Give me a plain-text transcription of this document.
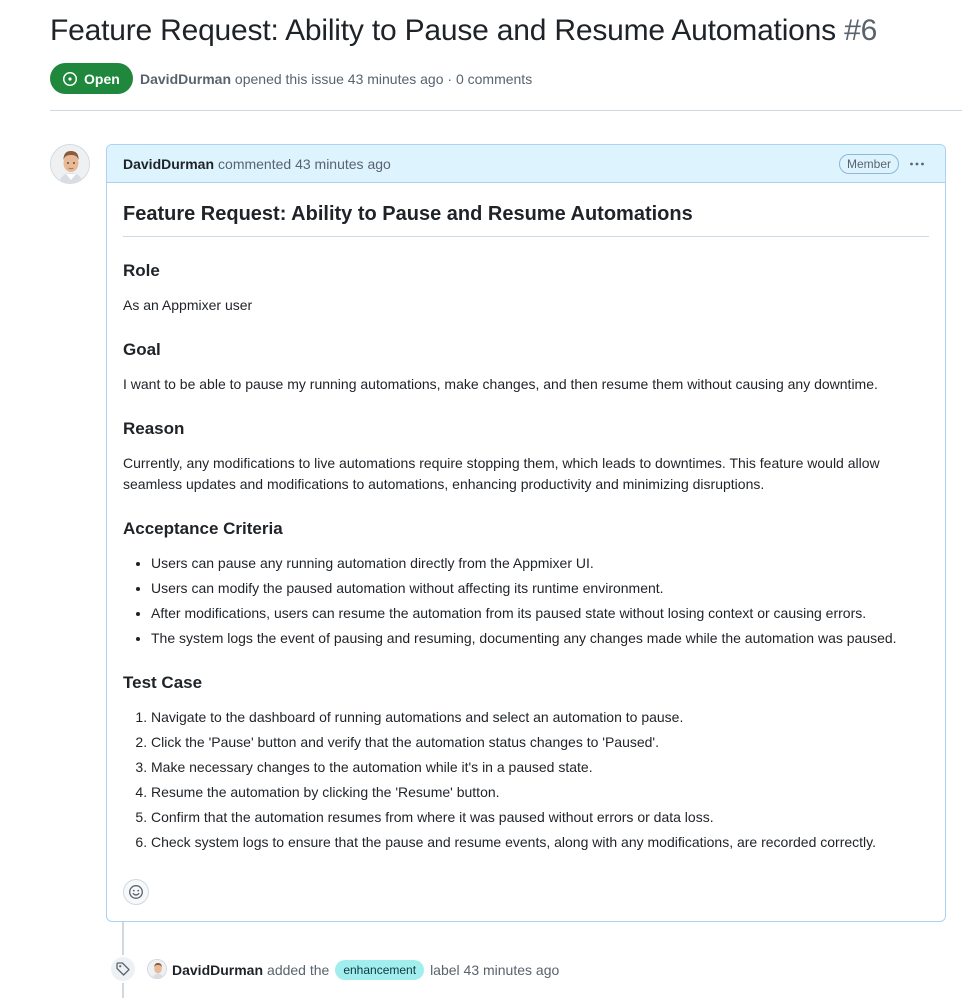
Feature Request: Ability to Pause and Resume Automations #6
Open DavidDurman opened this issue 43 minutes ago · 0 comments
DavidDurman commented 43 minutes ago	Member
Feature Request: Ability to Pause and Resume Automations
Role

As an Appmixer user

Goal

I want to be able to pause my running automations, make changes, and then resume them without causing any downtime.

Reason

Currently, any modifications to live automations require stopping them, which leads to downtimes. This feature would allow seamless updates and modifications to automations, enhancing productivity and minimizing disruptions.

Acceptance Criteria
• Users can pause any running automation directly from the Appmixer UI.
• Users can modify the paused automation without affecting its runtime environment.
• After modifications, users can resume the automation from its paused state without losing context or causing errors.
• The system logs the event of pausing and resuming, documenting any changes made while the automation was paused.
Test Case
1. Navigate to the dashboard of running automations and select an automation to pause.
2. Click the 'Pause' button and verify that the automation status changes to 'Paused'.
3. Make necessary changes to the automation while it's in a paused state.
4. Resume the automation by clicking the 'Resume' button.
5. Confirm that the automation resumes from where it was paused without errors or data loss.
6. Check system logs to ensure that the pause and resume events, along with any modifications, are recorded correctly.
DavidDurman added the	enhancement	label 43 minutes ago
